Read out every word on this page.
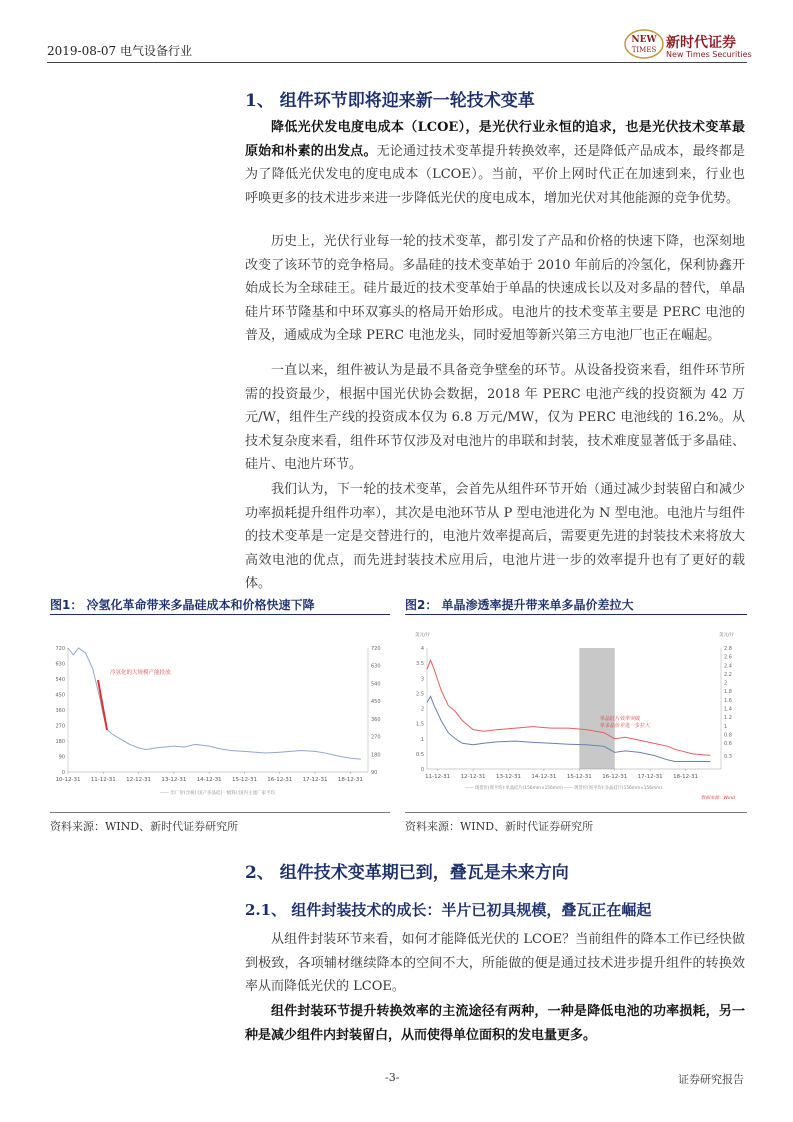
2019-08-07 电气设备行业
NEW
TIMES 新时代证券
New Times Securities
1、 组件环节即将迎来新一轮技术变革
降低光伏发电度电成本（LCOE），是光伏行业永恒的追求，也是光伏技术变革最原始和朴素的出发点。无论通过技术变革提升转换效率，还是降低产品成本，最终都是为了降低光伏发电的度电成本（LCOE）。当前，平价上网时代正在加速到来，行业也呼唤更多的技术进步来进一步降低光伏的度电成本，增加光伏对其他能源的竞争优势。
历史上，光伏行业每一轮的技术变革，都引发了产品和价格的快速下降，也深刻地改变了该环节的竞争格局。多晶硅的技术变革始于 2010 年前后的冷氢化，保利协鑫开始成长为全球硅王。硅片最近的技术变革始于单晶的快速成长以及对多晶的替代，单晶硅片环节隆基和中环双寡头的格局开始形成。电池片的技术变革主要是 PERC 电池的普及，通威成为全球 PERC 电池龙头，同时爱旭等新兴第三方电池厂也正在崛起。
一直以来，组件被认为是最不具备竞争壁垒的环节。从设备投资来看，组件环节所需的投资最少，根据中国光伏协会数据，2018 年 PERC 电池产线的投资额为 42 万元/W，组件生产线的投资成本仅为 6.8 万元/MW，仅为 PERC 电池线的 16.2%。从技术复杂度来看，组件环节仅涉及对电池片的串联和封装，技术难度显著低于多晶硅、硅片、电池片环节。
我们认为，下一轮的技术变革，会首先从组件环节开始（通过减少封装留白和减少功率损耗提升组件功率），其次是电池环节从 P 型电池进化为 N 型电池。电池片与组件的技术变革是一定是交替进行的，电池片效率提高后，需要更先进的封装技术来将放大高效电池的优点，而先进封装技术应用后，电池片进一步的效率提升也有了更好的载体。
图1： 冷氢化革命带来多晶硅成本和价格快速下降
0
90
180
270
360
450
540
630
720
90
180
270
360
450
540
630
720
10-12-31 11-12-31 12-12-31 13-12-31 14-12-31 15-12-31 16-12-31 17-12-31 18-12-31
冷氢化的大规模产能投放
—— 出厂价(含税):国产多晶硅(一级料):国内主流厂家平均
资料来源：WIND、新时代证券研究所
图2： 单晶渗透率提升带来单多晶价差拉大
0
0.5
1
1.5
2
2.5
3
3.5
4
0.3
0.6
0.8
1
1.2
1.4
1.6
1.8
2
2.2
2.4
2.6
2.8
11-12-31 12-12-31 13-12-31 14-12-31 15-12-31 16-12-31 17-12-31 18-12-31
美元/片	美元/片
单晶硅片效率突破
单多晶价差进一步拉大
—— 现货价(周平均):单晶硅片(156mm×156mm) —— 现货价(周平均):多晶硅片(156mm×156mm)
数据来源：Wind
资料来源：WIND、新时代证券研究所
2、 组件技术变革期已到，叠瓦是未来方向
2.1、 组件封装技术的成长：半片已初具规模，叠瓦正在崛起
从组件封装环节来看，如何才能降低光伏的 LCOE？当前组件的降本工作已经快做到极致，各项辅材继续降本的空间不大，所能做的便是通过技术进步提升组件的转换效率从而降低光伏的 LCOE。
组件封装环节提升转换效率的主流途径有两种，一种是降低电池的功率损耗，另一种是减少组件内封装留白，从而使得单位面积的发电量更多。
-3-	证券研究报告
